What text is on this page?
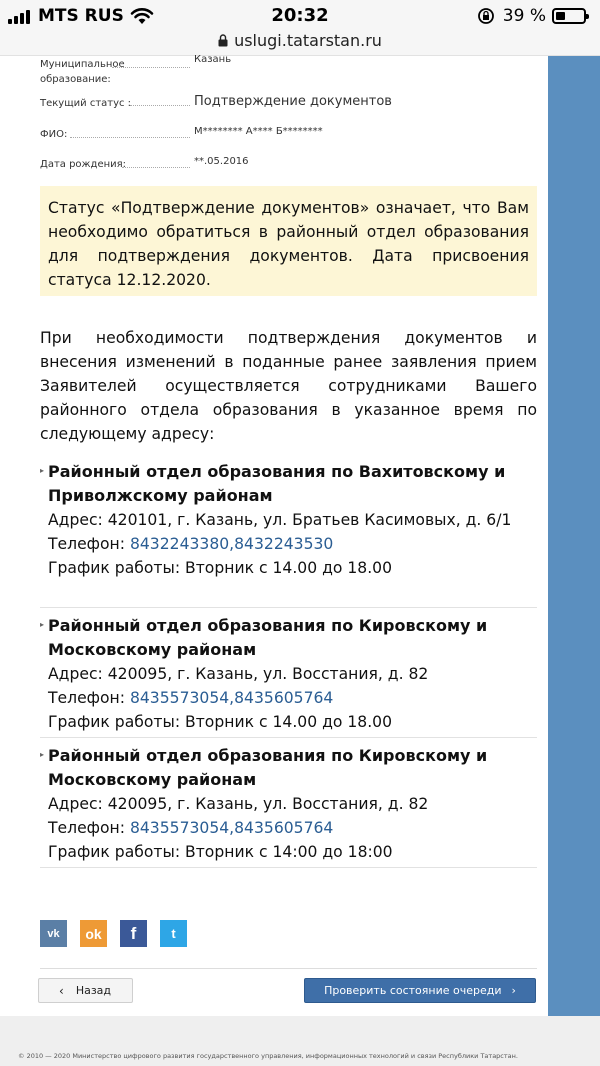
MTS RUS	20:32	39 %
uslugi.tatarstan.ru
Муниципальное
образование:
Казань
Текущий статус :	Подтверждение документов
ФИО:	М******** А**** Б********
Дата рождения:	**.05.2016

Статус «Подтверждение документов» означает, что Вам необходимо обратиться в районный отдел образования для подтверждения документов. Дата присвоения статуса 12.12.2020.

При необходимости подтверждения документов и внесения изменений в поданные ранее заявления прием Заявителей осуществляется сотрудниками Вашего районного отдела образования в указанное время по следующему адресу:

▸ Районный отдел образования по Вахитовскому и Приволжскому районам
Адрес: 420101, г. Казань, ул. Братьев Касимовых, д. 6/1
Телефон: 8432243380,8432243530
График работы: Вторник с 14.00 до 18.00
▸ Районный отдел образования по Кировскому и Московскому районам
Адрес: 420095, г. Казань, ул. Восстания, д. 82
Телефон: 8435573054,8435605764
График работы: Вторник с 14.00 до 18.00
▸ Районный отдел образования по Кировскому и Московскому районам
Адрес: 420095, г. Казань, ул. Восстания, д. 82
Телефон: 8435573054,8435605764
График работы: Вторник с 14:00 до 18:00
vk	ok	f	t
‹ Назад	Проверить состояние очереди ›
© 2010 — 2020 Министерство цифрового развития государственного управления, информационных технологий и связи Республики Татарстан.
